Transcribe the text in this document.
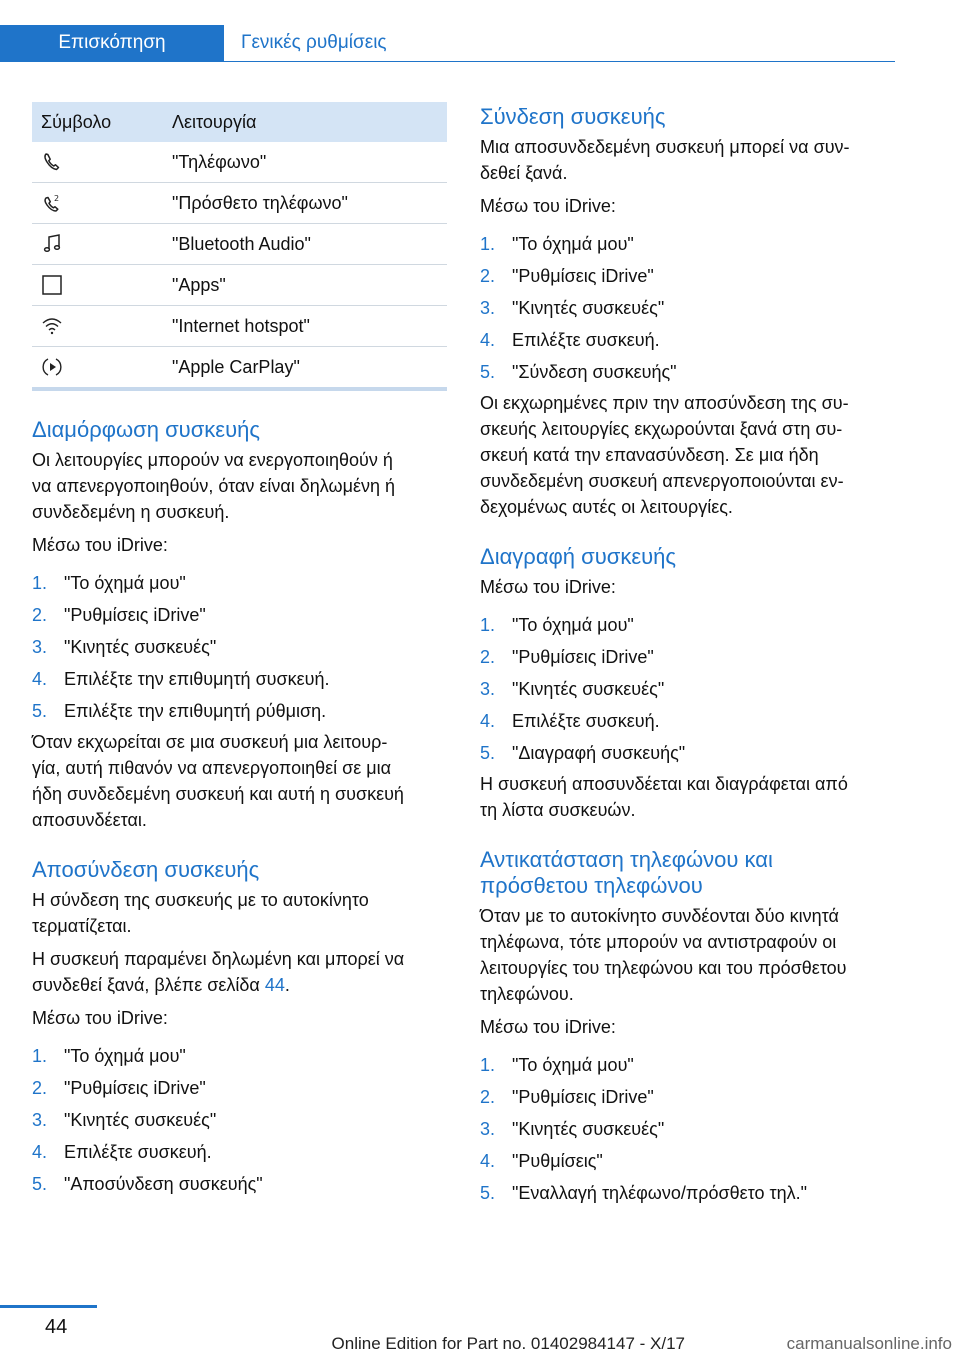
Επισκόπηση	Γενικές ρυθμίσεις
Σύμβολο	Λειτουργία

	"Τηλέφωνο"

2	"Πρόσθετο τηλέφωνο"

	"Bluetooth Audio"

	"Apps"

	"Internet hotspot"

	"Apple CarPlay"
Διαμόρφωση συσκευής

Οι λειτουργίες μπορούν να ενεργοποιηθούν ή

να απενεργοποιηθούν, όταν είναι δηλωμένη ή

συνδεδεμένη η συσκευή.

Μέσω του iDrive:

1. "Το όχημά μου"
2. "Ρυθμίσεις iDrive"
3. "Κινητές συσκευές"
4. Επιλέξτε την επιθυμητή συσκευή.
5. Επιλέξτε την επιθυμητή ρύθμιση.

Όταν εκχωρείται σε μια συσκευή μια λειτουρ‐

γία, αυτή πιθανόν να απενεργοποιηθεί σε μια

ήδη συνδεδεμένη συσκευή και αυτή η συσκευή

αποσυνδέεται.

Αποσύνδεση συσκευής

Η σύνδεση της συσκευής με το αυτοκίνητο

τερματίζεται.

Η συσκευή παραμένει δηλωμένη και μπορεί να

συνδεθεί ξανά, βλέπε σελίδα 44.

Μέσω του iDrive:

1. "Το όχημά μου"
2. "Ρυθμίσεις iDrive"
3. "Κινητές συσκευές"
4. Επιλέξτε συσκευή.
5. "Αποσύνδεση συσκευής"
Σύνδεση συσκευής

Μια αποσυνδεδεμένη συσκευή μπορεί να συν‐

δεθεί ξανά.

Μέσω του iDrive:

1. "Το όχημά μου"
2. "Ρυθμίσεις iDrive"
3. "Κινητές συσκευές"
4. Επιλέξτε συσκευή.
5. "Σύνδεση συσκευής"

Οι εκχωρημένες πριν την αποσύνδεση της συ‐

σκευής λειτουργίες εκχωρούνται ξανά στη συ‐

σκευή κατά την επανασύνδεση. Σε μια ήδη

συνδεδεμένη συσκευή απενεργοποιούνται εν‐

δεχομένως αυτές οι λειτουργίες.

Διαγραφή συσκευής

Μέσω του iDrive:

1. "Το όχημά μου"
2. "Ρυθμίσεις iDrive"
3. "Κινητές συσκευές"
4. Επιλέξτε συσκευή.
5. "Διαγραφή συσκευής"

Η συσκευή αποσυνδέεται και διαγράφεται από

τη λίστα συσκευών.

Αντικατάσταση τηλεφώνου και
πρόσθετου τηλεφώνου

Όταν με το αυτοκίνητο συνδέονται δύο κινητά

τηλέφωνα, τότε μπορούν να αντιστραφούν οι

λειτουργίες του τηλεφώνου και του πρόσθετου

τηλεφώνου.

Μέσω του iDrive:

1. "Το όχημά μου"
2. "Ρυθμίσεις iDrive"
3. "Κινητές συσκευές"
4. "Ρυθμίσεις"
5. "Εναλλαγή τηλέφωνο/πρόσθετο τηλ."
44
Online Edition for Part no. 01402984147 - X/17	carmanualsonline.info
